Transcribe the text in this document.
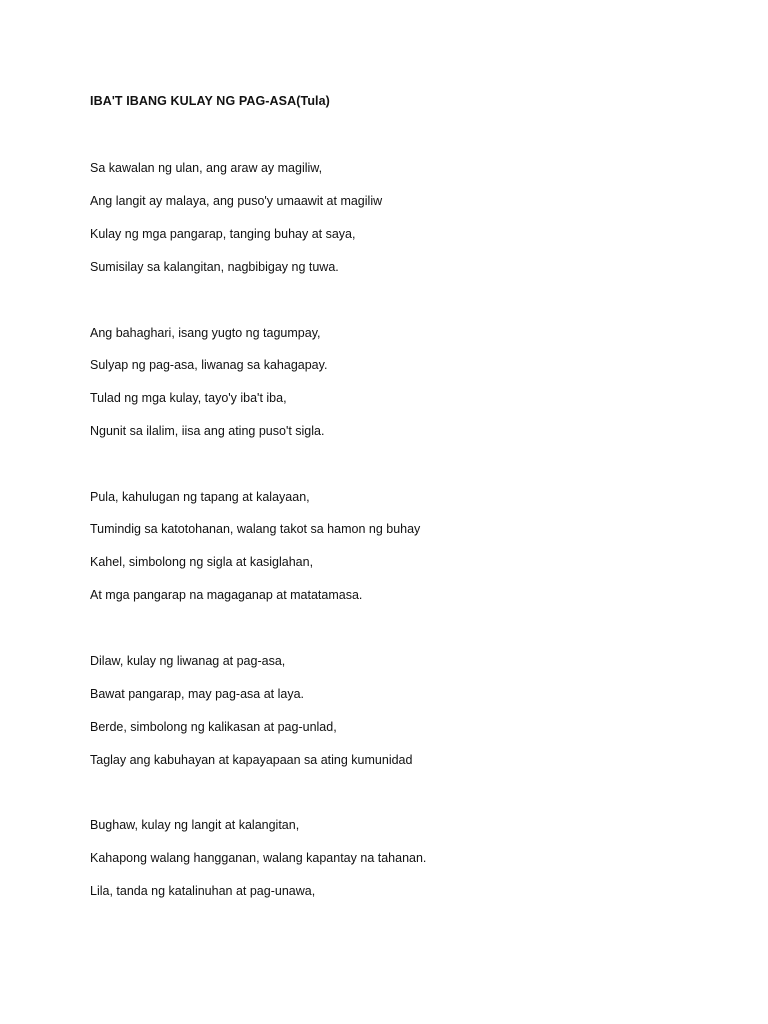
IBA'T IBANG KULAY NG PAG-ASA(Tula)
Sa kawalan ng ulan, ang araw ay magiliw,
Ang langit ay malaya, ang puso'y umaawit at magiliw
Kulay ng mga pangarap, tanging buhay at saya,
Sumisilay sa kalangitan, nagbibigay ng tuwa.
Ang bahaghari, isang yugto ng tagumpay,
Sulyap ng pag-asa, liwanag sa kahagapay.
Tulad ng mga kulay, tayo'y iba't iba,
Ngunit sa ilalim, iisa ang ating puso't sigla.
Pula, kahulugan ng tapang at kalayaan,
Tumindig sa katotohanan, walang takot sa hamon ng buhay
Kahel, simbolong ng sigla at kasiglahan,
At mga pangarap na magaganap at matatamasa.
Dilaw, kulay ng liwanag at pag-asa,
Bawat pangarap, may pag-asa at laya.
Berde, simbolong ng kalikasan at pag-unlad,
Taglay ang kabuhayan at kapayapaan sa ating kumunidad
Bughaw, kulay ng langit at kalangitan,
Kahapong walang hangganan, walang kapantay na tahanan.
Lila, tanda ng katalinuhan at pag-unawa,
